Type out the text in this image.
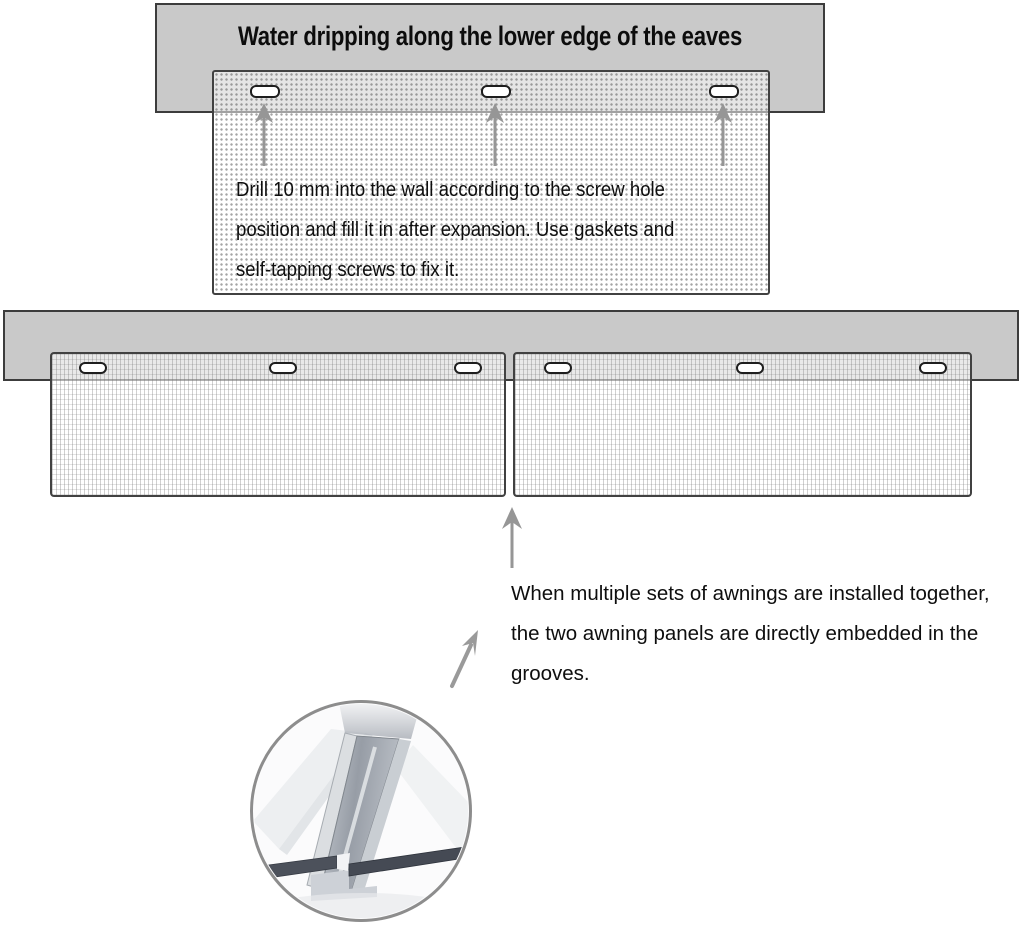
Water dripping along the lower edge of the eaves
Drill 10 mm into the wall according to the screw hole
position and fill it in after expansion. Use gaskets and
self-tapping screws to fix it.
When multiple sets of awnings are installed together,
the two awning panels are directly embedded in the
grooves.
